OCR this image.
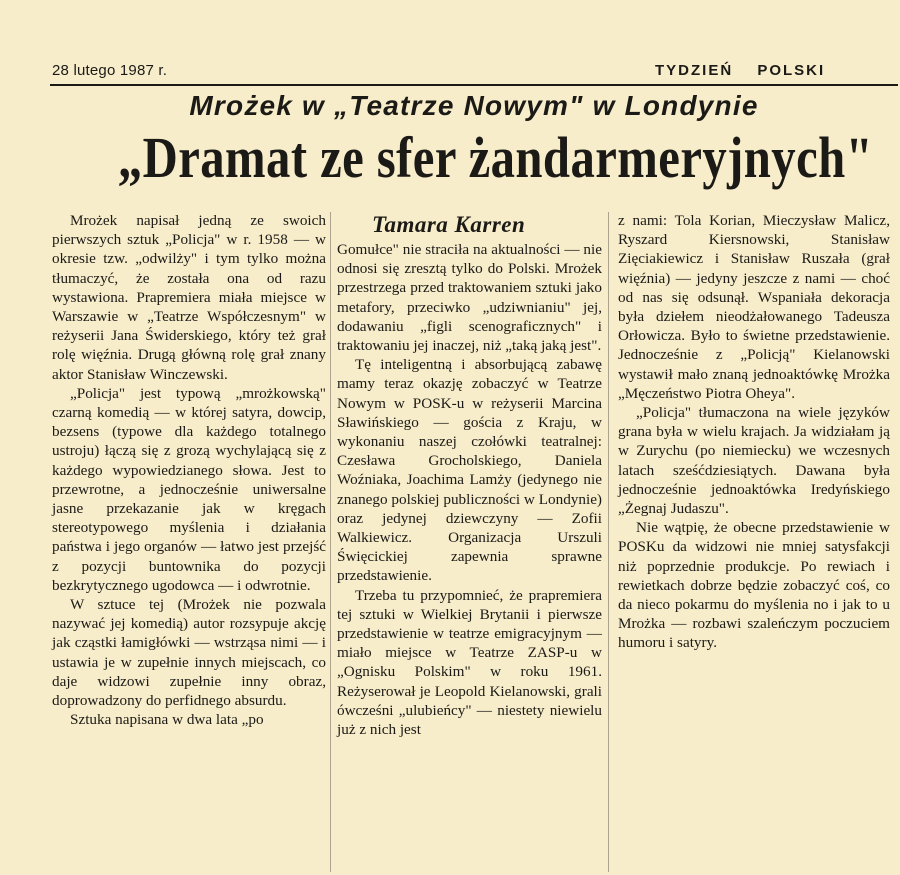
28 lutego 1987 r.	TYDZIEŃ POLSKI
Mrożek w „Teatrze Nowym" w Londynie
„Dramat ze sfer żandarmeryjnych"
Tamara Karren

Mrożek napisał jedną ze swoich pierwszych sztuk „Policja" w r. 1958 — w okresie tzw. „odwilży" i tym tylko można tłumaczyć, że została ona od razu wystawiona. Prapremiera miała miejsce w Warszawie w „Teatrze Współczesnym" w reżyserii Jana Świderskiego, który też grał rolę więźnia. Drugą główną rolę grał znany aktor Stanisław Winczewski.

„Policja" jest typową „mrożkowską" czarną komedią — w której satyra, dowcip, bezsens (typowe dla każdego totalnego ustroju) łączą się z grozą wychylającą się z każdego wypowiedzianego słowa. Jest to przewrotne, a jednocześnie uniwersalne jasne przekazanie jak w kręgach stereotypowego myślenia i działania państwa i jego organów — łatwo jest przejść z pozycji buntownika do pozycji bezkrytycznego ugodowca — i odwrotnie.

W sztuce tej (Mrożek nie pozwala nazywać jej komedią) autor rozsypuje akcję jak cząstki łamigłówki — wstrząsa nimi — i ustawia je w zupełnie innych miejscach, co daje widzowi zupełnie inny obraz, doprowadzony do perfidnego absurdu.

Sztuka napisana w dwa lata „po

Gomułce" nie straciła na aktualności — nie odnosi się zresztą tylko do Polski. Mrożek przestrzega przed traktowaniem sztuki jako metafory, przeciwko „udziwnianiu" jej, dodawaniu „figli scenograficznych" i traktowaniu jej inaczej, niż „taką jaką jest".

Tę inteligentną i absorbującą zabawę mamy teraz okazję zobaczyć w Teatrze Nowym w POSK-u w reżyserii Marcina Sławińskiego — gościa z Kraju, w wykonaniu naszej czołówki teatralnej: Czesława Grocholskiego, Daniela Woźniaka, Joachima Lamży (jedynego nie znanego polskiej publiczności w Londynie) oraz jedynej dziewczyny — Zofii Walkiewicz. Organizacja Urszuli Święcickiej zapewnia sprawne przedstawienie.

Trzeba tu przypomnieć, że prapremiera tej sztuki w Wielkiej Brytanii i pierwsze przedstawienie w teatrze emigracyjnym — miało miejsce w Teatrze ZASP-u w „Ognisku Polskim" w roku 1961. Reżyserował je Leopold Kielanowski, grali ówcześni „ulubieńcy" — niestety niewielu już z nich jest

z nami: Tola Korian, Mieczysław Malicz, Ryszard Kiersnowski, Stanisław Zięciakiewicz i Stanisław Ruszała (grał więźnia) — jedyny jeszcze z nami — choć od nas się odsunął. Wspaniała dekoracja była dziełem nieodżałowanego Tadeusza Orłowicza. Było to świetne przedstawienie. Jednocześnie z „Policją" Kielanowski wystawił mało znaną jednoaktówkę Mrożka „Męczeństwo Piotra Oheya".

„Policja" tłumaczona na wiele języków grana była w wielu krajach. Ja widziałam ją w Zurychu (po niemiecku) we wczesnych latach sześćdziesiątych. Dawana była jednocześnie jednoaktówka Iredyńskiego „Żegnaj Judaszu".

Nie wątpię, że obecne przedstawienie w POSKu da widzowi nie mniej satysfakcji niż poprzednie produkcje. Po rewiach i rewietkach dobrze będzie zobaczyć coś, co da nieco pokarmu do myślenia no i jak to u Mrożka — rozbawi szaleńczym poczuciem humoru i satyry.
